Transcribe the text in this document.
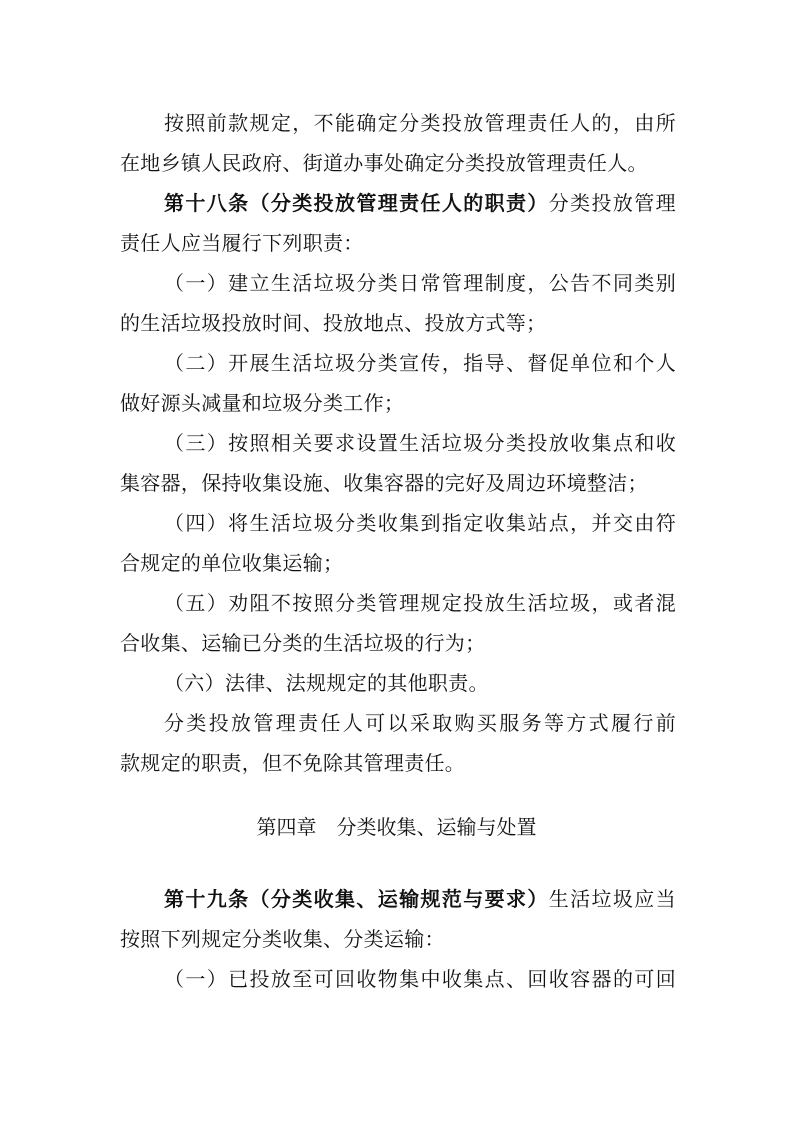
按照前款规定，不能确定分类投放管理责任人的，由所
在地乡镇人民政府、街道办事处确定分类投放管理责任人。
第十八条（分类投放管理责任人的职责）分类投放管理
责任人应当履行下列职责：
（一）建立生活垃圾分类日常管理制度，公告不同类别
的生活垃圾投放时间、投放地点、投放方式等；
（二）开展生活垃圾分类宣传，指导、督促单位和个人
做好源头减量和垃圾分类工作；
（三）按照相关要求设置生活垃圾分类投放收集点和收
集容器，保持收集设施、收集容器的完好及周边环境整洁；
（四）将生活垃圾分类收集到指定收集站点，并交由符
合规定的单位收集运输；
（五）劝阻不按照分类管理规定投放生活垃圾，或者混
合收集、运输已分类的生活垃圾的行为；
（六）法律、法规规定的其他职责。
分类投放管理责任人可以采取购买服务等方式履行前
款规定的职责，但不免除其管理责任。
第四章　分类收集、运输与处置
第十九条（分类收集、运输规范与要求）生活垃圾应当
按照下列规定分类收集、分类运输：
（一）已投放至可回收物集中收集点、回收容器的可回
